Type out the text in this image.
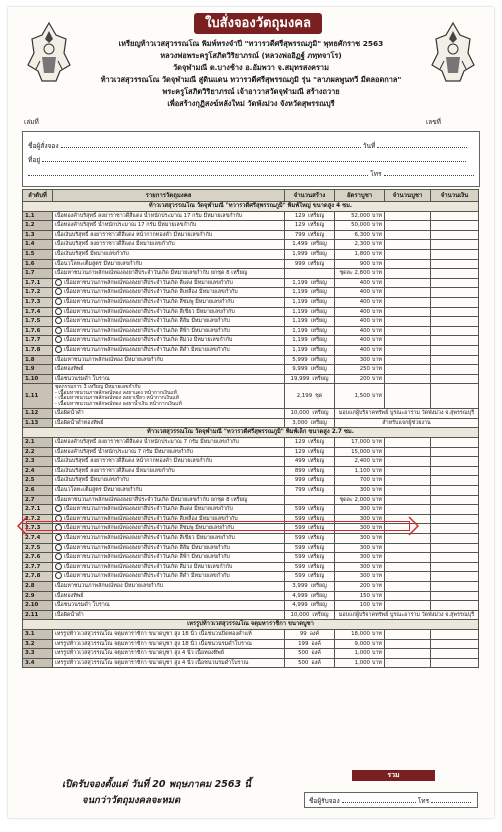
ใบสั่งจองวัตถุมงคล
เหรียญท้าวเวสสุวรรณโณ พิมพ์ทรงจำปี "ทวารวดีศรีสุพรรณภูมิ" พุทธศักราช 2563
หลวงพ่อพระครูโสภิตวิริยาภรณ์ (หลวงพ่ออิฏฐ์ ภทฺทจาโร)
วัดจุฬามณี ต.บางช้าง อ.อัมพวา จ.สมุทรสงคราม
ท้าวเวสสุวรรณโณ วัดจุฬามณี สู่ดินแดน ทวารวดีศรีสุพรรณภูมิ รุ่น "ลาภผลพูนทวี มีตลอดกาล"
พระครูโสภิตวิริยาภรณ์ เจ้าอาวาสวัดจุฬามณี สร้างถวาย
เพื่อสร้างกุฏิสงฆ์หลังใหม่ วัดพังม่วง จังหวัดสุพรรณบุรี
เล่มที่	เลขที่
ชื่อผู้สั่งจอง	วันที่
ที่อยู่
โทร
ลำดับที่	รายการวัตถุมงคล	จำนวนสร้าง	อัตราบูชา	จำนวนบูชา	จำนวนเงิน
ท้าวเวสสุวรรณโณ วัดจุฬามณี "ทวารวดีศรีสุพรรณภูมิ" พิมพ์ใหญ่ ขนาดสูง 4 ซม.					
1.1	เนื้อทองคำบริสุทธิ์ ลงยาราชาวดีสีแดง น้ำหนักประมาณ 17 กรัม มีหมายเลขกำกับ	129 เหรียญ	52,000 บาท		
1.2	เนื้อทองคำบริสุทธิ์ น้ำหนักประมาณ 17 กรัม มีหมายเลขกำกับ	129 เหรียญ	50,000 บาท		
1.3	เนื้อเงินบริสุทธิ์ ลงยาราชาวดีสีแดง หน้ากากทองคำ มีหมายเลขกำกับ	799 เหรียญ	6,300 บาท		
1.4	เนื้อเงินบริสุทธิ์ ลงยาราชาวดีสีแดง มีหมายเลขกำกับ	1,499 เหรียญ	2,300 บาท		
1.5	เนื้อเงินบริสุทธิ์ มีหมายเลขกำกับ	1,999 เหรียญ	1,800 บาท		
1.6	เนื้อนวโลหะเต็มสูตร มีหมายเลขกำกับ	999 เหรียญ	900 บาท		
1.7	เนื้อมหาชนวนภาพลักษณ์ทองลงยาสีประจำวันเกิด มีหมายเลขกำกับ ยกชุด 8 เหรียญ		ชุดละ 2,800 บาท		
1.7.1	เนื้อมหาชนวนภาพลักษณ์ทองลงยาสีประจำวันเกิด สีแดง มีหมายเลขกำกับ	1,199 เหรียญ	400 บาท		
1.7.2	เนื้อมหาชนวนภาพลักษณ์ทองลงยาสีประจำวันเกิด สีเหลือง มีหมายเลขกำกับ	1,199 เหรียญ	400 บาท		
1.7.3	เนื้อมหาชนวนภาพลักษณ์ทองลงยาสีประจำวันเกิด สีชมพู มีหมายเลขกำกับ	1,199 เหรียญ	400 บาท		
1.7.4	เนื้อมหาชนวนภาพลักษณ์ทองลงยาสีประจำวันเกิด สีเขียว มีหมายเลขกำกับ	1,199 เหรียญ	400 บาท		
1.7.5	เนื้อมหาชนวนภาพลักษณ์ทองลงยาสีประจำวันเกิด สีส้ม มีหมายเลขกำกับ	1,199 เหรียญ	400 บาท		
1.7.6	เนื้อมหาชนวนภาพลักษณ์ทองลงยาสีประจำวันเกิด สีฟ้า มีหมายเลขกำกับ	1,199 เหรียญ	400 บาท		
1.7.7	เนื้อมหาชนวนภาพลักษณ์ทองลงยาสีประจำวันเกิด สีม่วง มีหมายเลขกำกับ	1,199 เหรียญ	400 บาท		
1.7.8	เนื้อมหาชนวนภาพลักษณ์ทองลงยาสีประจำวันเกิด สีดำ มีหมายเลขกำกับ	1,199 เหรียญ	400 บาท		
1.8	เนื้อมหาชนวนภาพลักษณ์ทอง มีหมายเลขกำกับ	5,999 เหรียญ	300 บาท		
1.9	เนื้อทองทิพย์	9,999 เหรียญ	250 บาท		
1.10	เนื้อชนวนรมดำ โบราณ	19,999 เหรียญ	200 บาท		
1.11	ชุดกรรมการ 3 เหรียญ มีหมายเลขกำกับ
- เนื้อมหาชนวนภาพลักษณ์ทอง ลงยาแดง หน้ากากเงินแท้
- เนื้อมหาชนวนภาพลักษณ์ทอง ลงยาเขียว หน้ากากเงินแท้
- เนื้อมหาชนวนภาพลักษณ์ทอง ลงยาน้ำเงิน หน้ากากเงินแท้	2,199 ชุด	1,500 บาท		
1.12	เนื้อผิดน้ำดำ	10,000 เหรียญ	มอบแก่ผู้บริจาคทรัพย์ บูรณะอาราม วัดพังม่วง จ.สุพรรณบุรี		
1.13	เนื้อผิดน้ำดำทองทิพย์	3,000 เหรียญ	สำหรับแจกผู้ช่วยงาน		
ท้าวเวสสุวรรณโณ วัดจุฬามณี "ทวารวดีศรีสุพรรณภูมิ" พิมพ์เล็ก ขนาดสูง 2.7 ซม.					
2.1	เนื้อทองคำบริสุทธิ์ ลงยาราชาวดีสีแดง น้ำหนักประมาณ 7 กรัม มีหมายเลขกำกับ	129 เหรียญ	17,000 บาท		
2.2	เนื้อทองคำบริสุทธิ์ น้ำหนักประมาณ 7 กรัม มีหมายเลขกำกับ	129 เหรียญ	15,000 บาท		
2.3	เนื้อเงินบริสุทธิ์ ลงยาราชาวดีสีแดง หน้ากากทองคำ มีหมายเลขกำกับ	499 เหรียญ	2,400 บาท		
2.4	เนื้อเงินบริสุทธิ์ ลงยาราชาวดีสีแดง มีหมายเลขกำกับ	899 เหรียญ	1,100 บาท		
2.5	เนื้อเงินบริสุทธิ์ มีหมายเลขกำกับ	999 เหรียญ	700 บาท		
2.6	เนื้อนวโลหะเต็มสูตร มีหมายเลขกำกับ	799 เหรียญ	300 บาท		
2.7	เนื้อมหาชนวนภาพลักษณ์ทองลงยาสีประจำวันเกิด มีหมายเลขกำกับ ยกชุด 8 เหรียญ		ชุดละ 2,000 บาท		
2.7.1	เนื้อมหาชนวนภาพลักษณ์ทองลงยาสีประจำวันเกิด สีแดง มีหมายเลขกำกับ	599 เหรียญ	300 บาท		
2.7.2	เนื้อมหาชนวนภาพลักษณ์ทองลงยาสีประจำวันเกิด สีเหลือง มีหมายเลขกำกับ	599 เหรียญ	300 บาท		
2.7.3	เนื้อมหาชนวนภาพลักษณ์ทองลงยาสีประจำวันเกิด สีชมพู มีหมายเลขกำกับ	599 เหรียญ	300 บาท		
2.7.4	เนื้อมหาชนวนภาพลักษณ์ทองลงยาสีประจำวันเกิด สีเขียว มีหมายเลขกำกับ	599 เหรียญ	300 บาท		
2.7.5	เนื้อมหาชนวนภาพลักษณ์ทองลงยาสีประจำวันเกิด สีส้ม มีหมายเลขกำกับ	599 เหรียญ	300 บาท		
2.7.6	เนื้อมหาชนวนภาพลักษณ์ทองลงยาสีประจำวันเกิด สีฟ้า มีหมายเลขกำกับ	599 เหรียญ	300 บาท		
2.7.7	เนื้อมหาชนวนภาพลักษณ์ทองลงยาสีประจำวันเกิด สีม่วง มีหมายเลขกำกับ	599 เหรียญ	300 บาท		
2.7.8	เนื้อมหาชนวนภาพลักษณ์ทองลงยาสีประจำวันเกิด สีดำ มีหมายเลขกำกับ	599 เหรียญ	300 บาท		
2.8	เนื้อมหาชนวนภาพลักษณ์ทอง มีหมายเลขกำกับ	3,999 เหรียญ	200 บาท		
2.9	เนื้อทองทิพย์	4,999 เหรียญ	150 บาท		
2.10	เนื้อชนวนรมดำ โบราณ	4,999 เหรียญ	100 บาท		
2.11	เนื้อผิดน้ำดำ	10,000 เหรียญ	มอบแก่ผู้บริจาคทรัพย์ บูรณะอาราม วัดพังม่วง จ.สุพรรณบุรี		
เหรรูปท้าวเวสสุวรรณโณ จตุมหาราชิกา ขนาดบูชา					
3.1	เหรรูปท้าวเวสสุวรรณโณ จตุมหาราชิกา ขนาดบูชา สูง 18 นิ้ว เนื้อชนวนปิดทองคำแท้	99 องค์	18,000 บาท		
3.2	เหรรูปท้าวเวสสุวรรณโณ จตุมหาราชิกา ขนาดบูชา สูง 18 นิ้ว เนื้อชนวนรมดำโบราณ	199 องค์	9,000 บาท		
3.3	เหรรูปท้าวเวสสุวรรณโณ จตุมหาราชิกา ขนาดบูชา สูง 4 นิ้ว เนื้อทองทิพย์	500 องค์	1,000 บาท		
3.4	เหรรูปท้าวเวสสุวรรณโณ จตุมหาราชิกา ขนาดบูชา สูง 4 นิ้ว เนื้อชนวนรมดำโบราณ	500 องค์	1,000 บาท		
รวม
เปิดรับจองตั้งแต่ วันที่ 20 พฤษภาคม 2563 นี้
จนกว่าวัตถุมงคลจะหมด	ชื่อผู้รับจอง	โทร
